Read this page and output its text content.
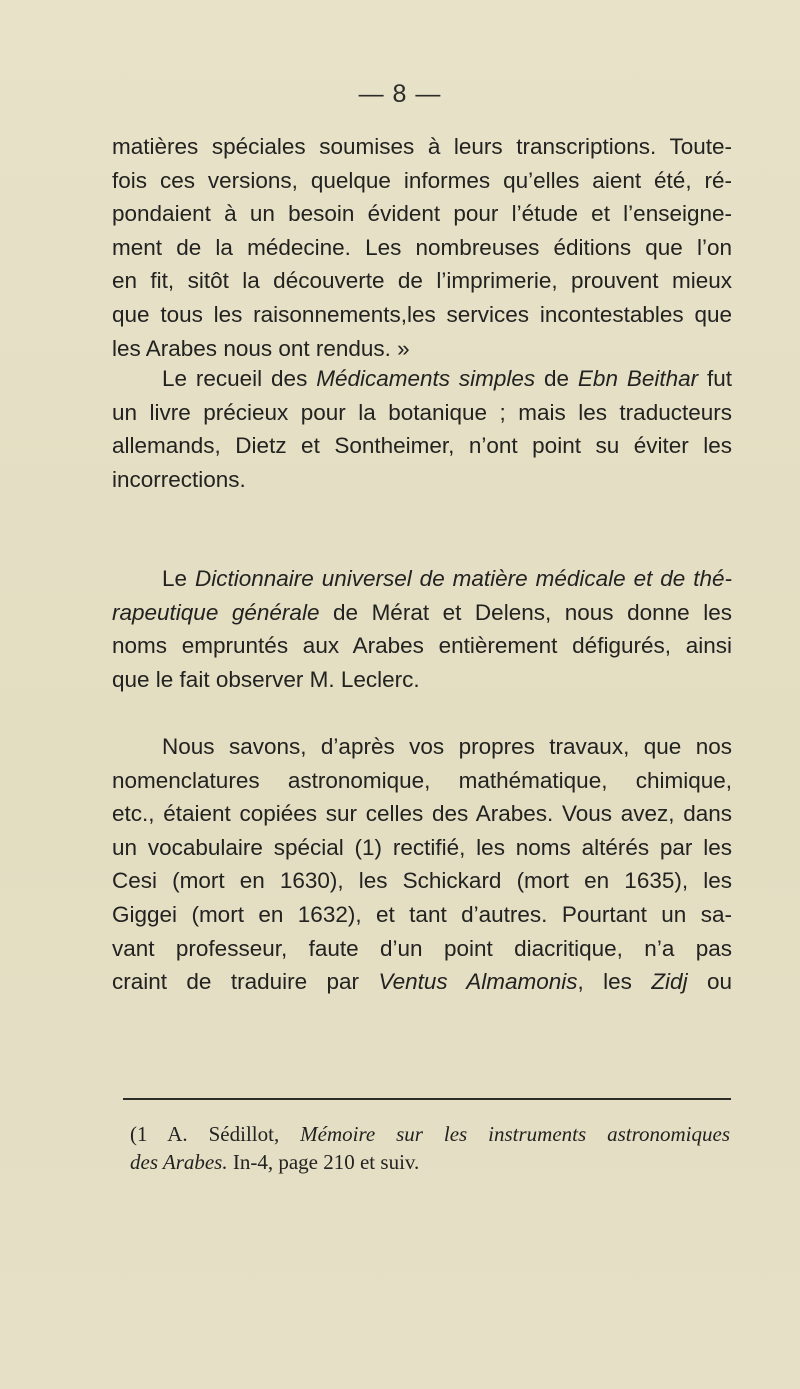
— 8 —
matières spéciales soumises à leurs transcriptions. Toute-
fois ces versions, quelque informes qu’elles aient été, ré-
pondaient à un besoin évident pour l’étude et l’enseigne-
ment de la médecine. Les nombreuses éditions que l’on
en fit, sitôt la découverte de l’imprimerie, prouvent mieux
que tous les raisonnements,les services incontestables que
les Arabes nous ont rendus. »
Le recueil des Médicaments simples de Ebn Beithar fut
un livre précieux pour la botanique ; mais les traducteurs
allemands, Dietz et Sontheimer, n’ont point su éviter les
incorrections.
Le Dictionnaire universel de matière médicale et de thé-
rapeutique générale de Mérat et Delens, nous donne les
noms empruntés aux Arabes entièrement défigurés, ainsi
que le fait observer M. Leclerc.
Nous savons, d’après vos propres travaux, que nos
nomenclatures astronomique, mathématique, chimique,
etc., étaient copiées sur celles des Arabes. Vous avez, dans
un vocabulaire spécial (1) rectifié, les noms altérés par les
Cesi (mort en 1630), les Schickard (mort en 1635), les
Giggei (mort en 1632), et tant d’autres. Pourtant un sa-
vant professeur, faute d’un point diacritique, n’a pas
craint de traduire par Ventus Almamonis, les Zidj ou
(1 A. Sédillot, Mémoire sur les instruments astronomiques
des Arabes. In-4, page 210 et suiv.
